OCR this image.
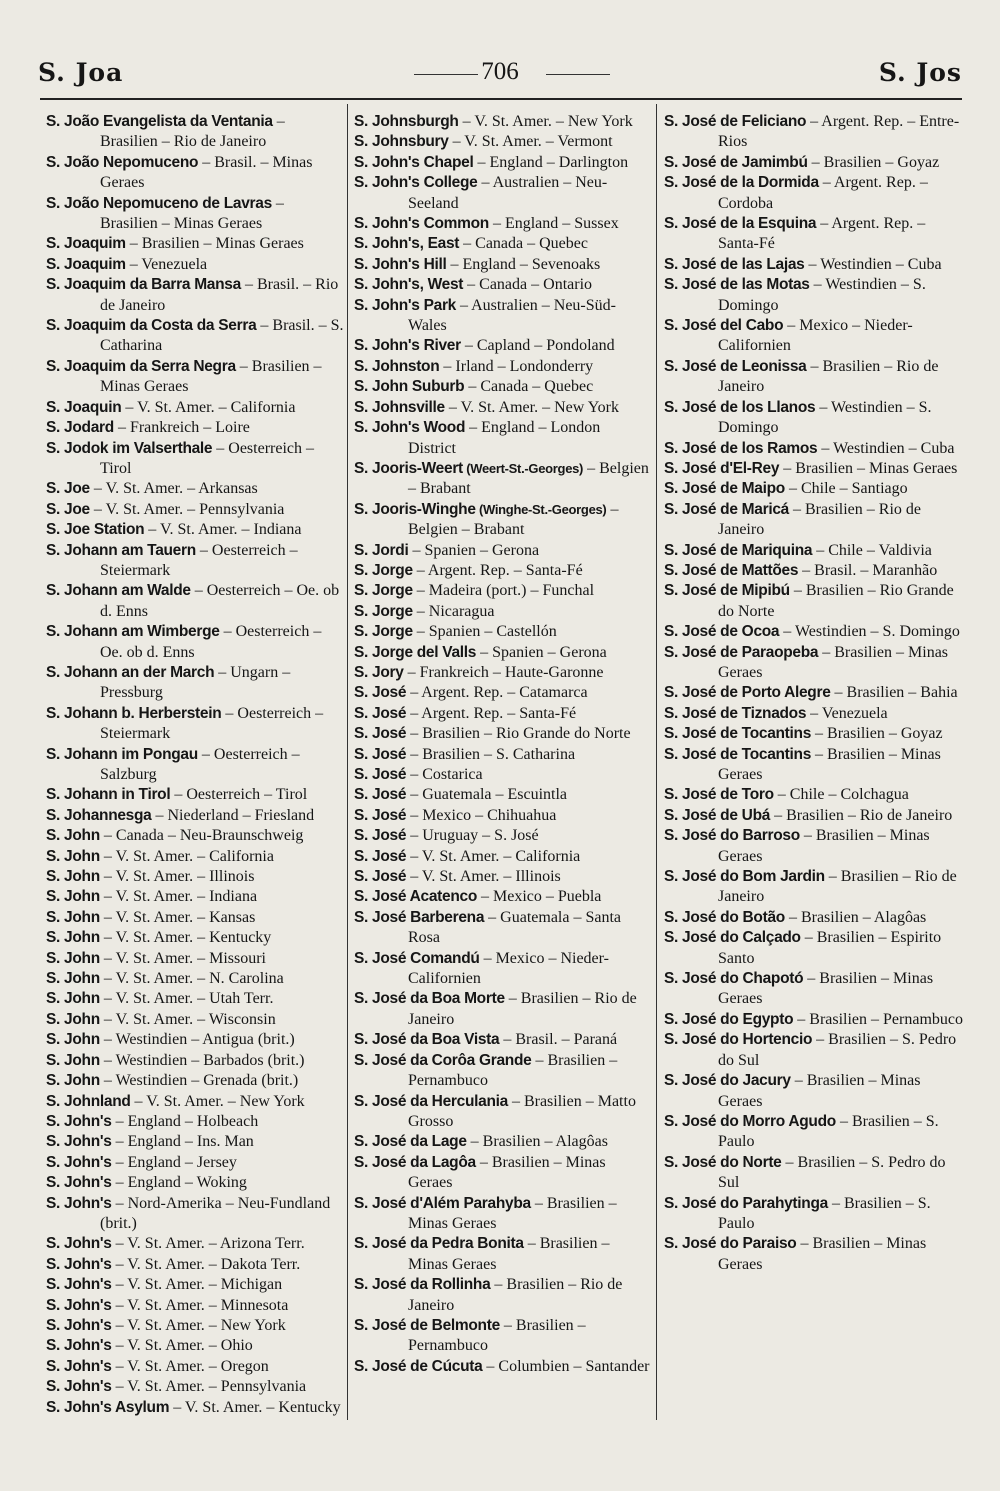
S. Joa	706	S. Jos

S. João Evangelista da Ventania – Brasilien – Rio de Janeiro

S. João Nepomuceno – Brasil. – Minas Geraes

S. João Nepomuceno de Lavras – Brasilien – Minas Geraes

S. Joaquim – Brasilien – Minas Geraes

S. Joaquim – Venezuela

S. Joaquim da Barra Mansa – Brasil. – Rio de Janeiro

S. Joaquim da Costa da Serra – Brasil. – S. Catharina

S. Joaquim da Serra Negra – Brasilien – Minas Geraes

S. Joaquin – V. St. Amer. – California

S. Jodard – Frankreich – Loire

S. Jodok im Valserthale – Oesterreich – Tirol

S. Joe – V. St. Amer. – Arkansas

S. Joe – V. St. Amer. – Pennsylvania

S. Joe Station – V. St. Amer. – Indiana

S. Johann am Tauern – Oesterreich – Steiermark

S. Johann am Walde – Oesterreich – Oe. ob d. Enns

S. Johann am Wimberge – Oesterreich – Oe. ob d. Enns

S. Johann an der March – Ungarn – Pressburg

S. Johann b. Herberstein – Oesterreich – Steiermark

S. Johann im Pongau – Oesterreich – Salzburg

S. Johann in Tirol – Oesterreich – Tirol

S. Johannesga – Niederland – Friesland

S. John – Canada – Neu-Braunschweig

S. John – V. St. Amer. – California

S. John – V. St. Amer. – Illinois

S. John – V. St. Amer. – Indiana

S. John – V. St. Amer. – Kansas

S. John – V. St. Amer. – Kentucky

S. John – V. St. Amer. – Missouri

S. John – V. St. Amer. – N. Carolina

S. John – V. St. Amer. – Utah Terr.

S. John – V. St. Amer. – Wisconsin

S. John – Westindien – Antigua (brit.)

S. John – Westindien – Barbados (brit.)

S. John – Westindien – Grenada (brit.)

S. Johnland – V. St. Amer. – New York

S. John's – England – Holbeach

S. John's – England – Ins. Man

S. John's – England – Jersey

S. John's – England – Woking

S. John's – Nord-Amerika – Neu-Fundland (brit.)

S. John's – V. St. Amer. – Arizona Terr.

S. John's – V. St. Amer. – Dakota Terr.

S. John's – V. St. Amer. – Michigan

S. John's – V. St. Amer. – Minnesota

S. John's – V. St. Amer. – New York

S. John's – V. St. Amer. – Ohio

S. John's – V. St. Amer. – Oregon

S. John's – V. St. Amer. – Pennsylvania

S. John's Asylum – V. St. Amer. – Kentucky

S. Johnsburgh – V. St. Amer. – New York

S. Johnsbury – V. St. Amer. – Vermont

S. John's Chapel – England – Darlington

S. John's College – Australien – Neu-Seeland

S. John's Common – England – Sussex

S. John's, East – Canada – Quebec

S. John's Hill – England – Sevenoaks

S. John's, West – Canada – Ontario

S. John's Park – Australien – Neu-Süd-Wales

S. John's River – Capland – Pondoland

S. Johnston – Irland – Londonderry

S. John Suburb – Canada – Quebec

S. Johnsville – V. St. Amer. – New York

S. John's Wood – England – London District

S. Jooris-Weert (Weert-St.-Georges) – Belgien – Brabant

S. Jooris-Winghe (Winghe-St.-Georges) – Belgien – Brabant

S. Jordi – Spanien – Gerona

S. Jorge – Argent. Rep. – Santa-Fé

S. Jorge – Madeira (port.) – Funchal

S. Jorge – Nicaragua

S. Jorge – Spanien – Castellón

S. Jorge del Valls – Spanien – Gerona

S. Jory – Frankreich – Haute-Garonne

S. José – Argent. Rep. – Catamarca

S. José – Argent. Rep. – Santa-Fé

S. José – Brasilien – Rio Grande do Norte

S. José – Brasilien – S. Catharina

S. José – Costarica

S. José – Guatemala – Escuintla

S. José – Mexico – Chihuahua

S. José – Uruguay – S. José

S. José – V. St. Amer. – California

S. José – V. St. Amer. – Illinois

S. José Acatenco – Mexico – Puebla

S. José Barberena – Guatemala – Santa Rosa

S. José Comandú – Mexico – Nieder-Californien

S. José da Boa Morte – Brasilien – Rio de Janeiro

S. José da Boa Vista – Brasil. – Paraná

S. José da Corôa Grande – Brasilien – Pernambuco

S. José da Herculania – Brasilien – Matto Grosso

S. José da Lage – Brasilien – Alagôas

S. José da Lagôa – Brasilien – Minas Geraes

S. José d'Além Parahyba – Brasilien – Minas Geraes

S. José da Pedra Bonita – Brasilien – Minas Geraes

S. José da Rollinha – Brasilien – Rio de Janeiro

S. José de Belmonte – Brasilien – Pernambuco

S. José de Cúcuta – Columbien – Santander

S. José de Feliciano – Argent. Rep. – Entre-Rios

S. José de Jamimbú – Brasilien – Goyaz

S. José de la Dormida – Argent. Rep. – Cordoba

S. José de la Esquina – Argent. Rep. – Santa-Fé

S. José de las Lajas – Westindien – Cuba

S. José de las Motas – Westindien – S. Domingo

S. José del Cabo – Mexico – Nieder-Californien

S. José de Leonissa – Brasilien – Rio de Janeiro

S. José de los Llanos – Westindien – S. Domingo

S. José de los Ramos – Westindien – Cuba

S. José d'El-Rey – Brasilien – Minas Geraes

S. José de Maipo – Chile – Santiago

S. José de Maricá – Brasilien – Rio de Janeiro

S. José de Mariquina – Chile – Valdivia

S. José de Mattões – Brasil. – Maranhão

S. José de Mipibú – Brasilien – Rio Grande do Norte

S. José de Ocoa – Westindien – S. Domingo

S. José de Paraopeba – Brasilien – Minas Geraes

S. José de Porto Alegre – Brasilien – Bahia

S. José de Tiznados – Venezuela

S. José de Tocantins – Brasilien – Goyaz

S. José de Tocantins – Brasilien – Minas Geraes

S. José de Toro – Chile – Colchagua

S. José de Ubá – Brasilien – Rio de Janeiro

S. José do Barroso – Brasilien – Minas Geraes

S. José do Bom Jardin – Brasilien – Rio de Janeiro

S. José do Botão – Brasilien – Alagôas

S. José do Calçado – Brasilien – Espirito Santo

S. José do Chapotó – Brasilien – Minas Geraes

S. José do Egypto – Brasilien – Pernambuco

S. José do Hortencio – Brasilien – S. Pedro do Sul

S. José do Jacury – Brasilien – Minas Geraes

S. José do Morro Agudo – Brasilien – S. Paulo

S. José do Norte – Brasilien – S. Pedro do Sul

S. José do Parahytinga – Brasilien – S. Paulo

S. José do Paraiso – Brasilien – Minas Geraes
